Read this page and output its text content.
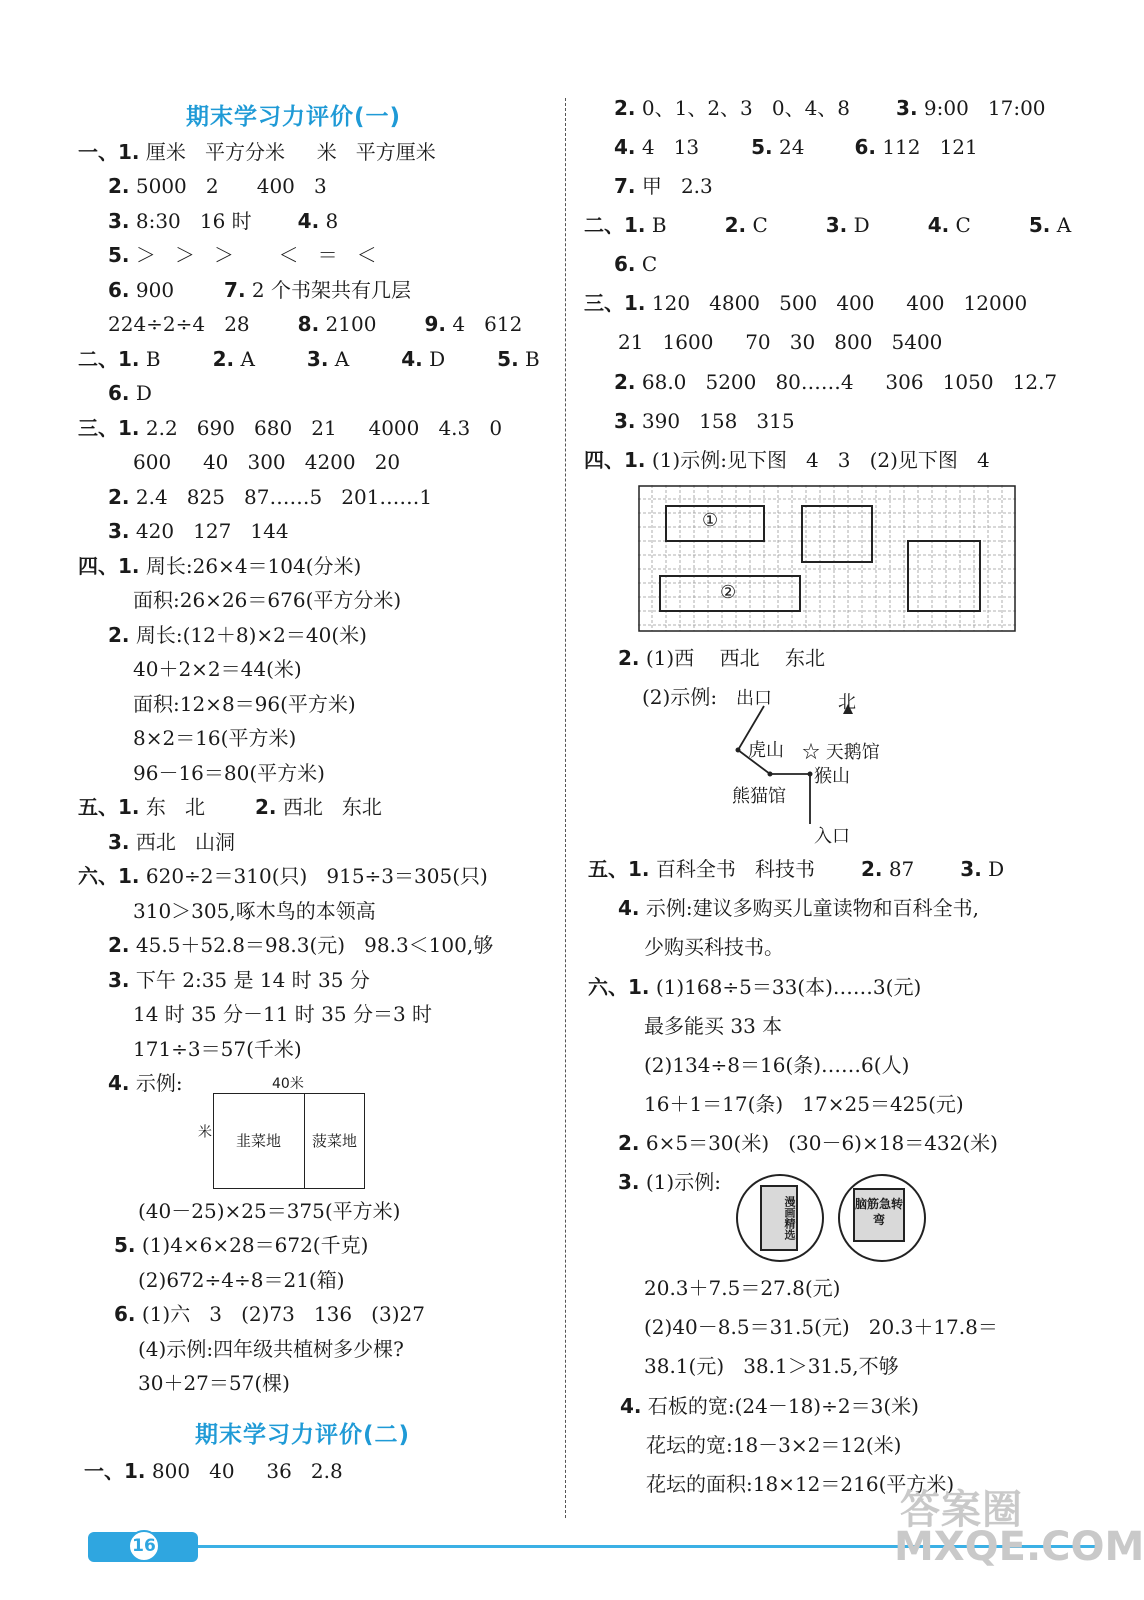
期末学习力评价(一)
一、1. 厘米   平方分米     米   平方厘米
2. 5000   2      400   3
3. 8:30   16 时 4. 8
5. ＞   ＞   ＞       ＜   ＝   ＜
6. 900	7. 2 个书架共有几层
224÷2÷4   28 8. 2100 9. 4   612
二、1. B	2. A	3. A	4. D	5. B
6. D
三、1. 2.2   690   680   21     4000   4.3   0
600     40   300   4200   20
2. 2.4   825   87……5   201……1
3. 420   127   144
四、1. 周长:26×4＝104(分米)
面积:26×26＝676(平方分米)
2. 周长:(12＋8)×2＝40(米)
40＋2×2＝44(米)
面积:12×8＝96(平方米)
8×2＝16(平方米)
96－16＝80(平方米)
五、1. 东   北	2. 西北   东北
3. 西北   山洞
六、1. 620÷2＝310(只)   915÷3＝305(只)
310＞305,啄木鸟的本领高
2. 45.5＋52.8＝98.3(元)   98.3＜100,够
3. 下午 2:35 是 14 时 35 分
14 时 35 分－11 时 35 分＝3 时
171÷3＝57(千米)
4. 示例:	40米
米
韭菜地 菠菜地
(40－25)×25＝375(平方米)
5. (1)4×6×28＝672(千克)
(2)672÷4÷8＝21(箱)
6. (1)六   3   (2)73   136   (3)27
(4)示例:四年级共植树多少棵?
30＋27＝57(棵)
期末学习力评价(二)
一、1. 800   40     36   2.8
2. 0、1、2、3   0、4、8 3. 9:00   17:00
4. 4   13	5. 24	6. 112   121
7. 甲   2.3
二、1. B	2. C	3. D	4. C	5. A
6. C
三、1. 120   4800   500   400     400   12000
21   1600     70   30   800   5400
2. 68.0   5200   80……4     306   1050   12.7
3. 390   158   315
四、1. (1)示例:见下图   4   3   (2)见下图   4
①
②
2. (1)西    西北    东北
(2)示例: 出口	北
虎山 ☆ 天鹅馆
猴山
熊猫馆
入口
五、1. 百科全书   科技书 2. 87 3. D
4. 示例:建议多购买儿童读物和百科全书,
少购买科技书。
六、1. (1)168÷5＝33(本)……3(元)
最多能买 33 本
(2)134÷8＝16(条)……6(人)
16＋1＝17(条)   17×25＝425(元)
2. 6×5＝30(米)   (30－6)×18＝432(米)
3. (1)示例:
漫画精选	脑筋急转弯
20.3＋7.5＝27.8(元)
(2)40－8.5＝31.5(元)   20.3＋17.8＝
38.1(元)   38.1＞31.5,不够
4. 石板的宽:(24－18)÷2＝3(米)
花坛的宽:18－3×2＝12(米)
花坛的面积:18×12＝216(平方米)
16
答案圈
MXQE.COM
